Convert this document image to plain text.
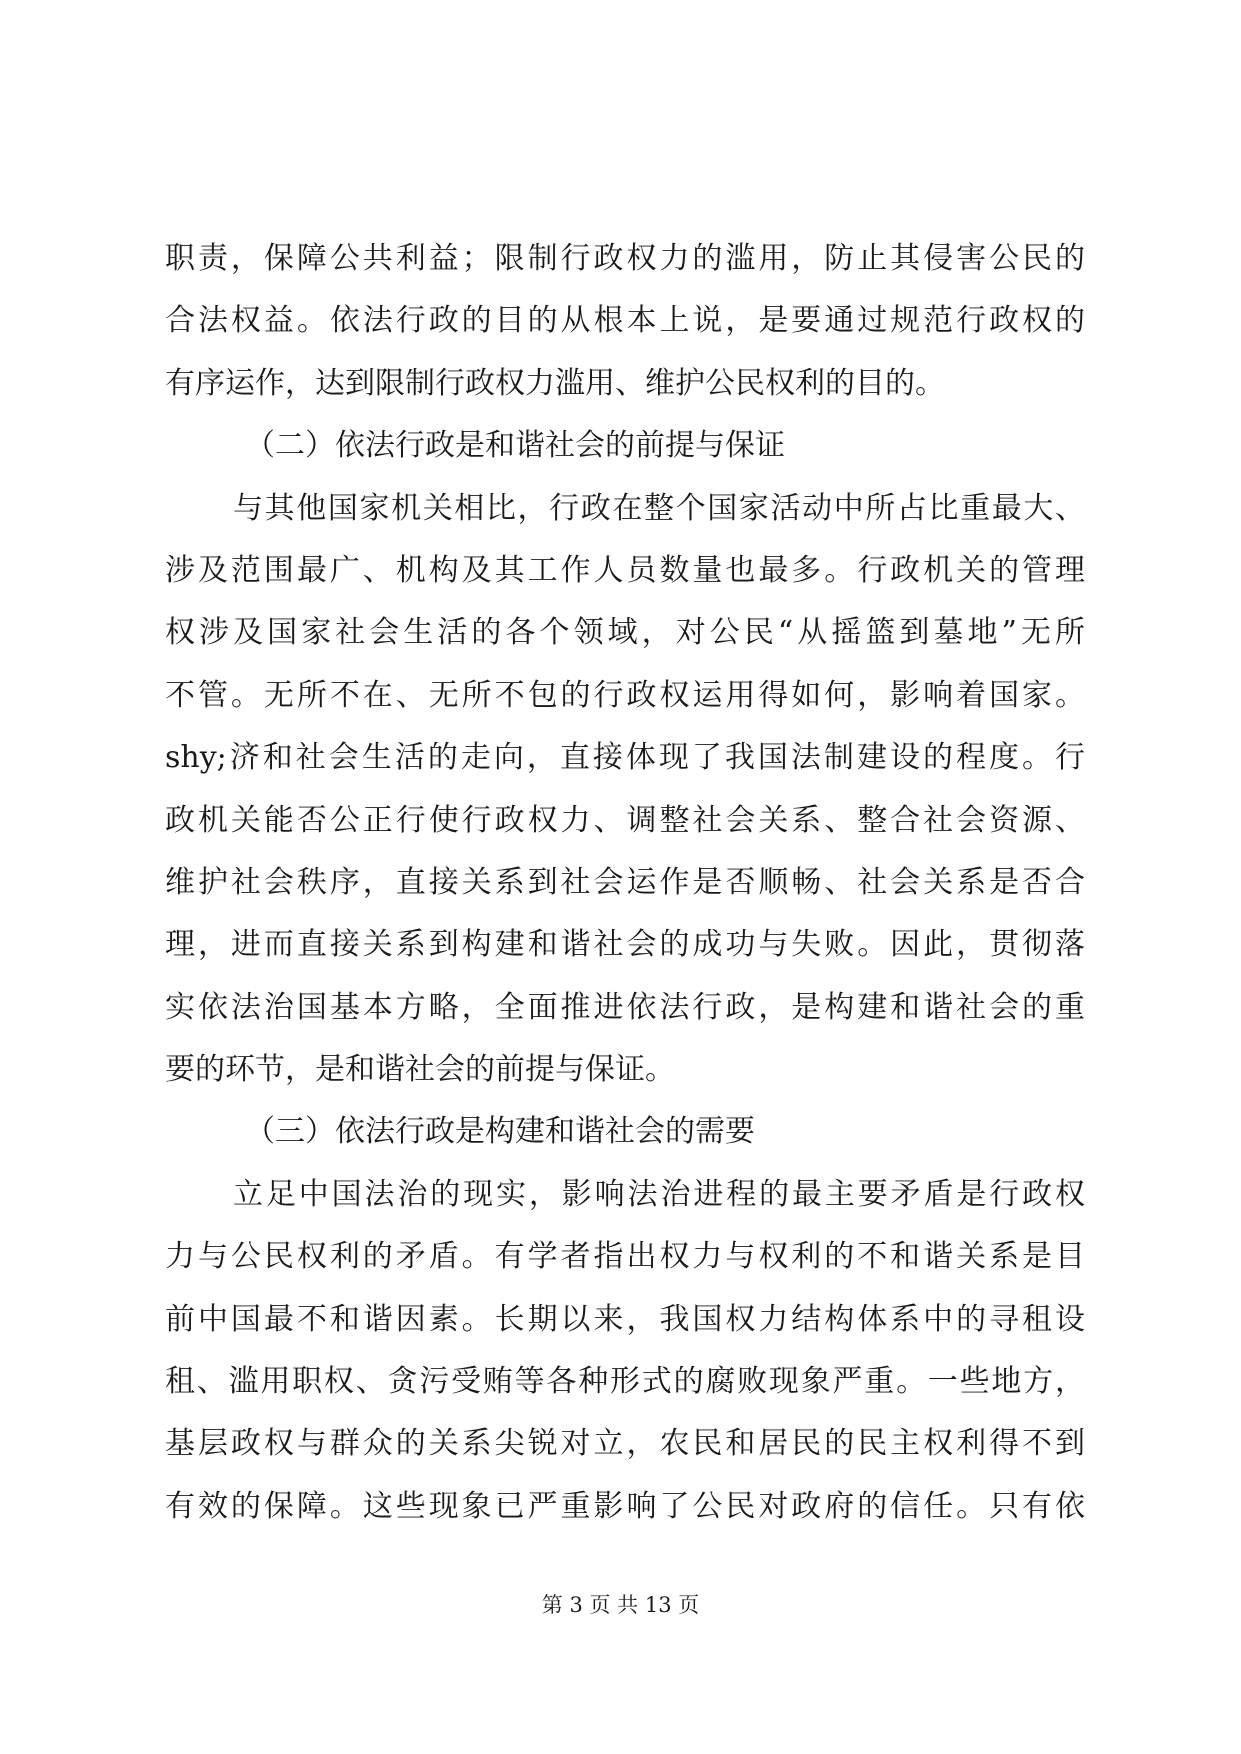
职责，保障公共利益；限制行政权力的滥用，防止其侵害公民的
合法权益。依法行政的目的从根本上说，是要通过规范行政权的
有序运作，达到限制行政权力滥用、维护公民权利的目的。
（二）依法行政是和谐社会的前提与保证
与其他国家机关相比，行政在整个国家活动中所占比重最大、
涉及范围最广、机构及其工作人员数量也最多。行政机关的管理
权涉及国家社会生活的各个领域，对公民“从摇篮到墓地”无所
不管。无所不在、无所不包的行政权运用得如何，影响着国家。
shy;济和社会生活的走向，直接体现了我国法制建设的程度。行
政机关能否公正行使行政权力、调整社会关系、整合社会资源、
维护社会秩序，直接关系到社会运作是否顺畅、社会关系是否合
理，进而直接关系到构建和谐社会的成功与失败。因此，贯彻落
实依法治国基本方略，全面推进依法行政，是构建和谐社会的重
要的环节，是和谐社会的前提与保证。
（三）依法行政是构建和谐社会的需要
立足中国法治的现实，影响法治进程的最主要矛盾是行政权
力与公民权利的矛盾。有学者指出权力与权利的不和谐关系是目
前中国最不和谐因素。长期以来，我国权力结构体系中的寻租设
租、滥用职权、贪污受贿等各种形式的腐败现象严重。一些地方，
基层政权与群众的关系尖锐对立，农民和居民的民主权利得不到
有效的保障。这些现象已严重影响了公民对政府的信任。只有依
第 3 页 共 13 页
